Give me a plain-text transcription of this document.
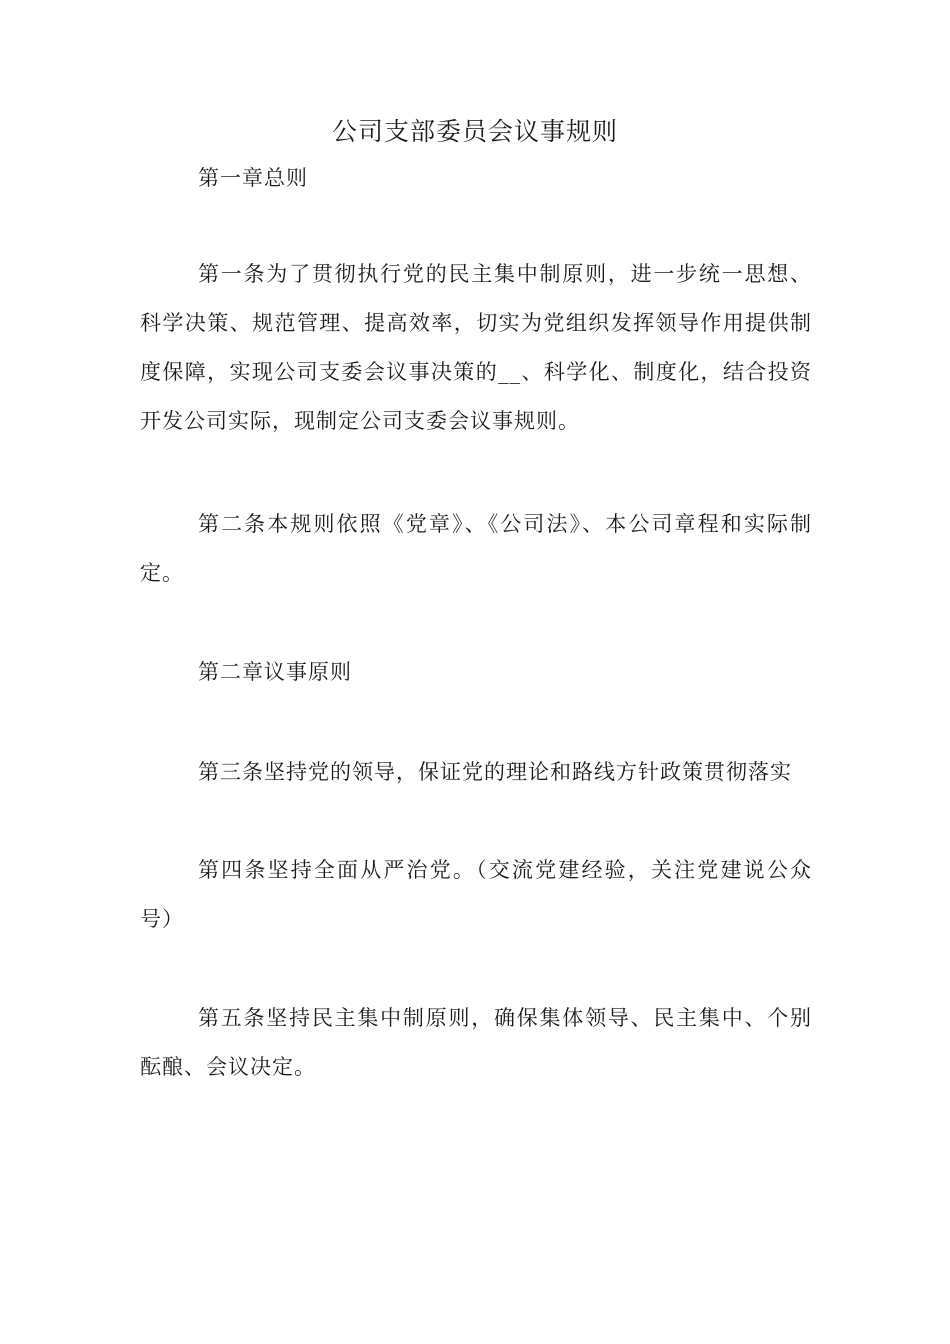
公司支部委员会议事规则
第一章总则

第一条为了贯彻执行党的民主集中制原则，进一步统一思想、科学决策、规范管理、提高效率，切实为党组织发挥领导作用提供制度保障，实现公司支委会议事决策的__、科学化、制度化，结合投资开发公司实际，现制定公司支委会议事规则。

第二条本规则依照《党章》、《公司法》、本公司章程和实际制定。

第二章议事原则

第三条坚持党的领导，保证党的理论和路线方针政策贯彻落实

第四条坚持全面从严治党。（交流党建经验，关注党建说公众号）

第五条坚持民主集中制原则，确保集体领导、民主集中、个别酝酿、会议决定。
